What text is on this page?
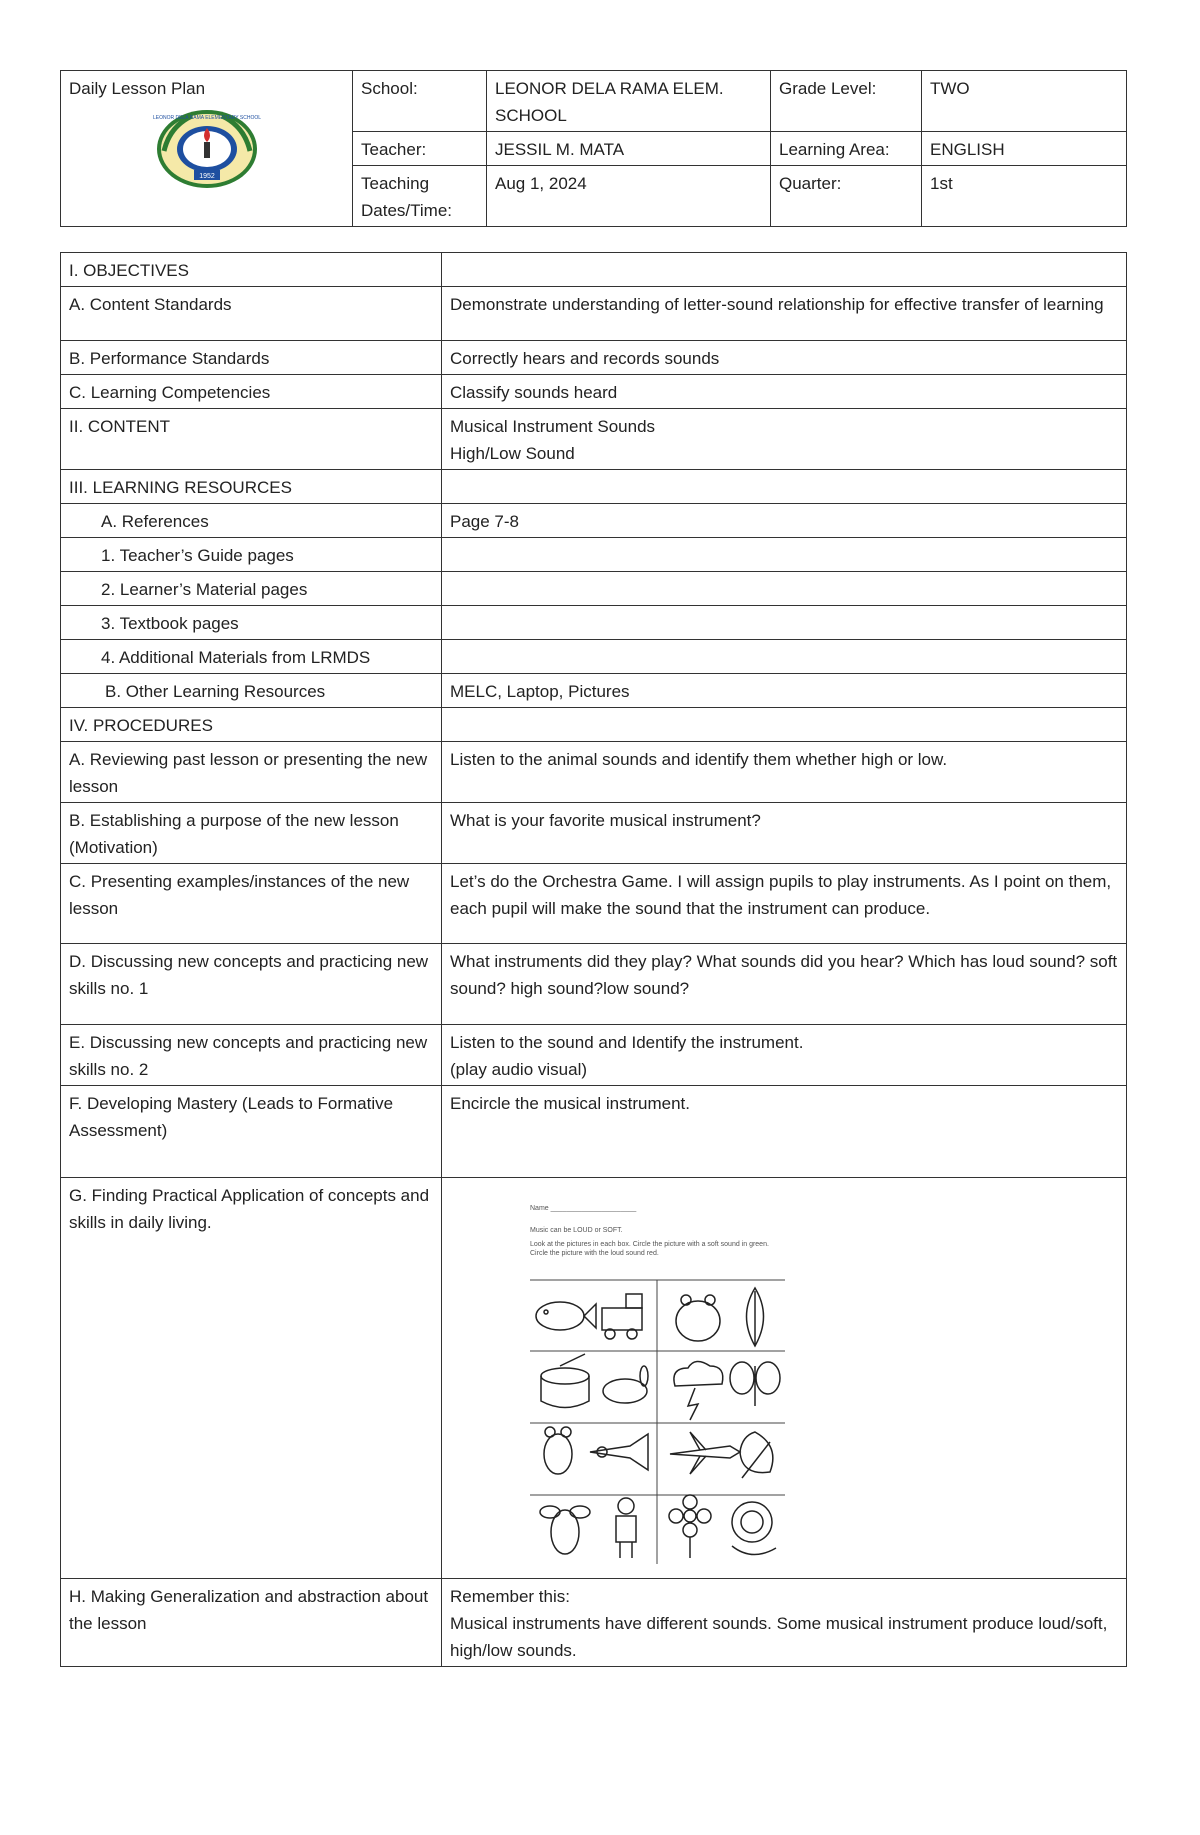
Daily Lesson Plan
1952
LEONOR DELA RAMA ELEMENTARY SCHOOL	School:	LEONOR DELA RAMA ELEM. SCHOOL	Grade Level:	TWO
	Teacher:	JESSIL M. MATA	Learning Area:	ENGLISH
	Teaching Dates/Time:	Aug 1, 2024	Quarter:	1st
I. OBJECTIVES	
A. Content Standards	Demonstrate understanding of letter-sound relationship for effective transfer of learning
B. Performance Standards	Correctly hears and records sounds
C. Learning Competencies	Classify sounds heard
II. CONTENT	Musical Instrument Sounds
High/Low Sound

III. LEARNING RESOURCES	
A. References	Page 7-8
1. Teacher’s Guide pages	
2. Learner’s Material pages	
3. Textbook pages	
4. Additional Materials from LRMDS	
B. Other Learning Resources	MELC, Laptop, Pictures
IV. PROCEDURES	
A. Reviewing past lesson or presenting the new lesson	Listen to the animal sounds and identify them whether high or low.
B. Establishing a purpose of the new lesson (Motivation)	What is your favorite musical instrument?
C. Presenting examples/instances of the new lesson	Let’s do the Orchestra Game. I will assign pupils to play instruments. As I point on them, each pupil will make the sound that the instrument can produce.
D. Discussing new concepts and practicing new skills no. 1	What instruments did they play? What sounds did you hear? Which has loud sound? soft sound? high sound?low sound?
E. Discussing new concepts and practicing new skills no. 2	Listen to the sound and Identify the instrument.
(play audio visual)

F. Developing Mastery (Leads to Formative Assessment)	Encircle the musical instrument.
G. Finding Practical Application of concepts and skills in daily living.	Name ______________________
Music can be LOUD or SOFT.
Look at the pictures in each box. Circle the picture with a soft sound in green. Circle the picture with the loud sound red.

H. Making Generalization and abstraction about the lesson	Remember this:
Musical instruments have different sounds. Some musical instrument produce loud/soft, high/low sounds.
